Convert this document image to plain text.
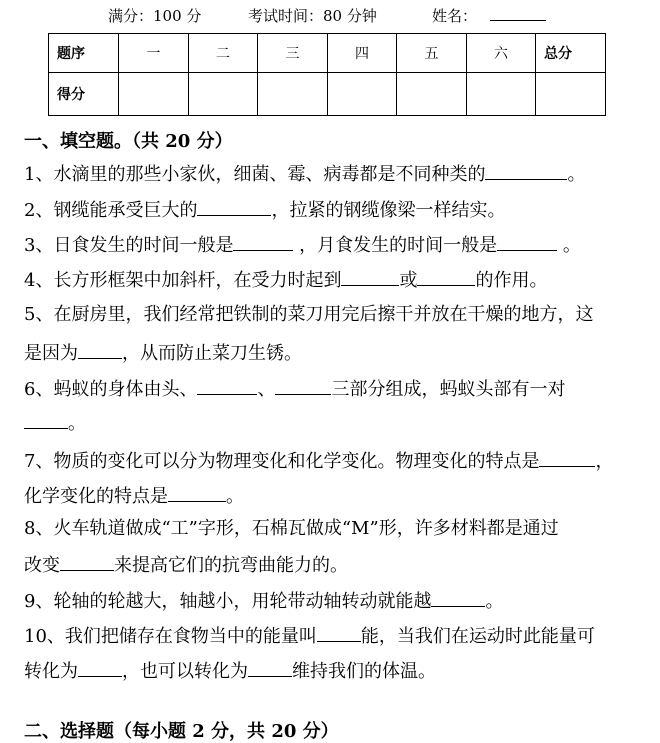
满分：100 分	考试时间：80 分钟	姓名：
题序	一	二	三	四	五	六	总分
得分							
一、填空题。（共 20 分）
1、水滴里的那些小家伙，细菌、霉、病毒都是不同种类的	。
2、钢缆能承受巨大的	，拉紧的钢缆像梁一样结实。
3、日食发生的时间一般是	，月食发生的时间一般是	。
4、长方形框架中加斜杆，在受力时起到	或	的作用。
5、在厨房里，我们经常把铁制的菜刀用完后擦干并放在干燥的地方，这
是因为 ，从而防止菜刀生锈。
6、蚂蚁的身体由头、	、	三部分组成，蚂蚁头部有一对
。
7、物质的变化可以分为物理变化和化学变化。物理变化的特点是	，
化学变化的特点是	。
8、火车轨道做成“工”字形，石棉瓦做成“M”形，许多材料都是通过
改变	来提高它们的抗弯曲能力的。
9、轮轴的轮越大，轴越小，用轮带动轴转动就能越	。
10、我们把储存在食物当中的能量叫 能，当我们在运动时此能量可
转化为 ，也可以转化为 维持我们的体温。
二、选择题（每小题 2 分，共 20 分）
